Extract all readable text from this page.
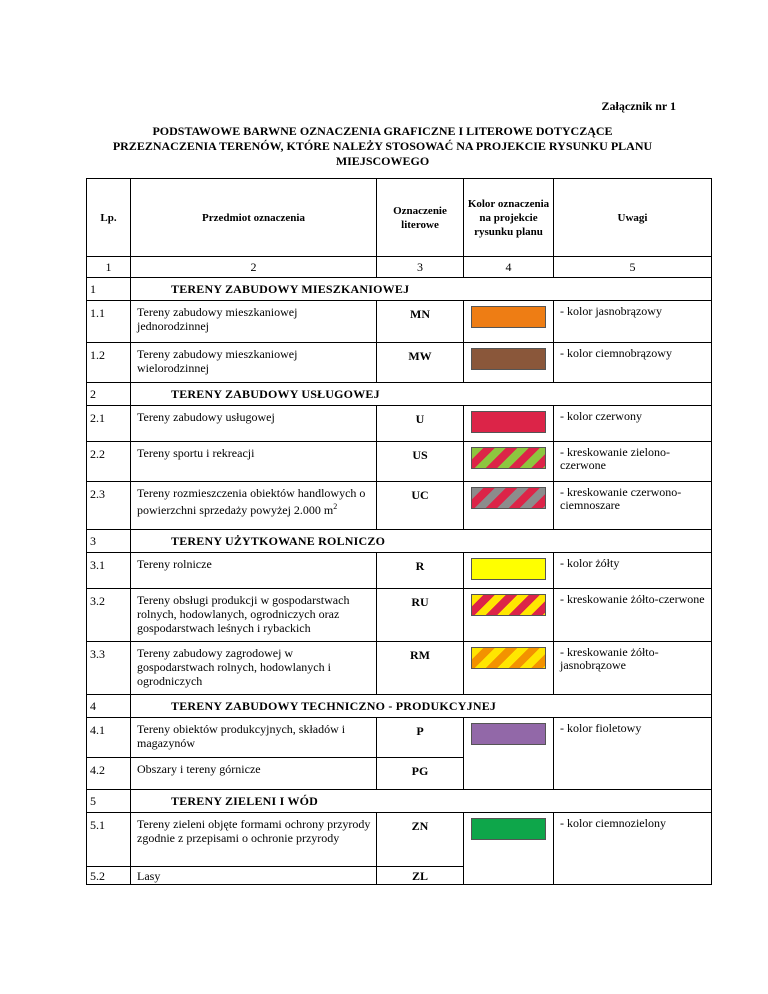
Załącznik nr 1
PODSTAWOWE BARWNE OZNACZENIA GRAFICZNE I LITEROWE DOTYCZĄCE PRZEZNACZENIA TERENÓW, KTÓRE NALEŻY STOSOWAĆ NA PROJEKCIE RYSUNKU PLANU MIEJSCOWEGO
Lp.	Przedmiot oznaczenia	Oznaczenie literowe	Kolor oznaczenia na projekcie rysunku planu	Uwagi
1	2	3	4	5
1	TERENY ZABUDOWY MIESZKANIOWEJ			
1.1	Tereny zabudowy mieszkaniowej jednorodzinnej	MN		- kolor jasnobrązowy
1.2	Tereny zabudowy mieszkaniowej wielorodzinnej	MW		- kolor ciemnobrązowy
2	TERENY ZABUDOWY USŁUGOWEJ			
2.1	Tereny zabudowy usługowej	U		- kolor czerwony
2.2	Tereny sportu i rekreacji	US		- kreskowanie zielono-czerwone
2.3	Tereny rozmieszczenia obiektów handlowych o powierzchni sprzedaży powyżej 2.000 $m^2$	UC		- kreskowanie czerwono-ciemnoszare
3	TERENY UŻYTKOWANE ROLNICZO			
3.1	Tereny rolnicze	R		- kolor żółty
3.2	Tereny obsługi produkcji w gospodarstwach rolnych, hodowlanych, ogrodniczych oraz gospodarstwach leśnych i rybackich	RU		- kreskowanie żółto-czerwone
3.3	Tereny zabudowy zagrodowej w gospodarstwach rolnych, hodowlanych i ogrodniczych	RM		- kreskowanie żółto-jasnobrązowe
4	TERENY ZABUDOWY TECHNICZNO - PRODUKCYJNEJ			
4.1	Tereny obiektów produkcyjnych, składów i magazynów	P		- kolor fioletowy
4.2	Obszary i tereny górnicze	PG		
5	TERENY ZIELENI I WÓD			
5.1	Tereny zieleni objęte formami ochrony przyrody zgodnie z przepisami o ochronie przyrody	ZN		- kolor ciemnozielony
5.2	Lasy	ZL		
